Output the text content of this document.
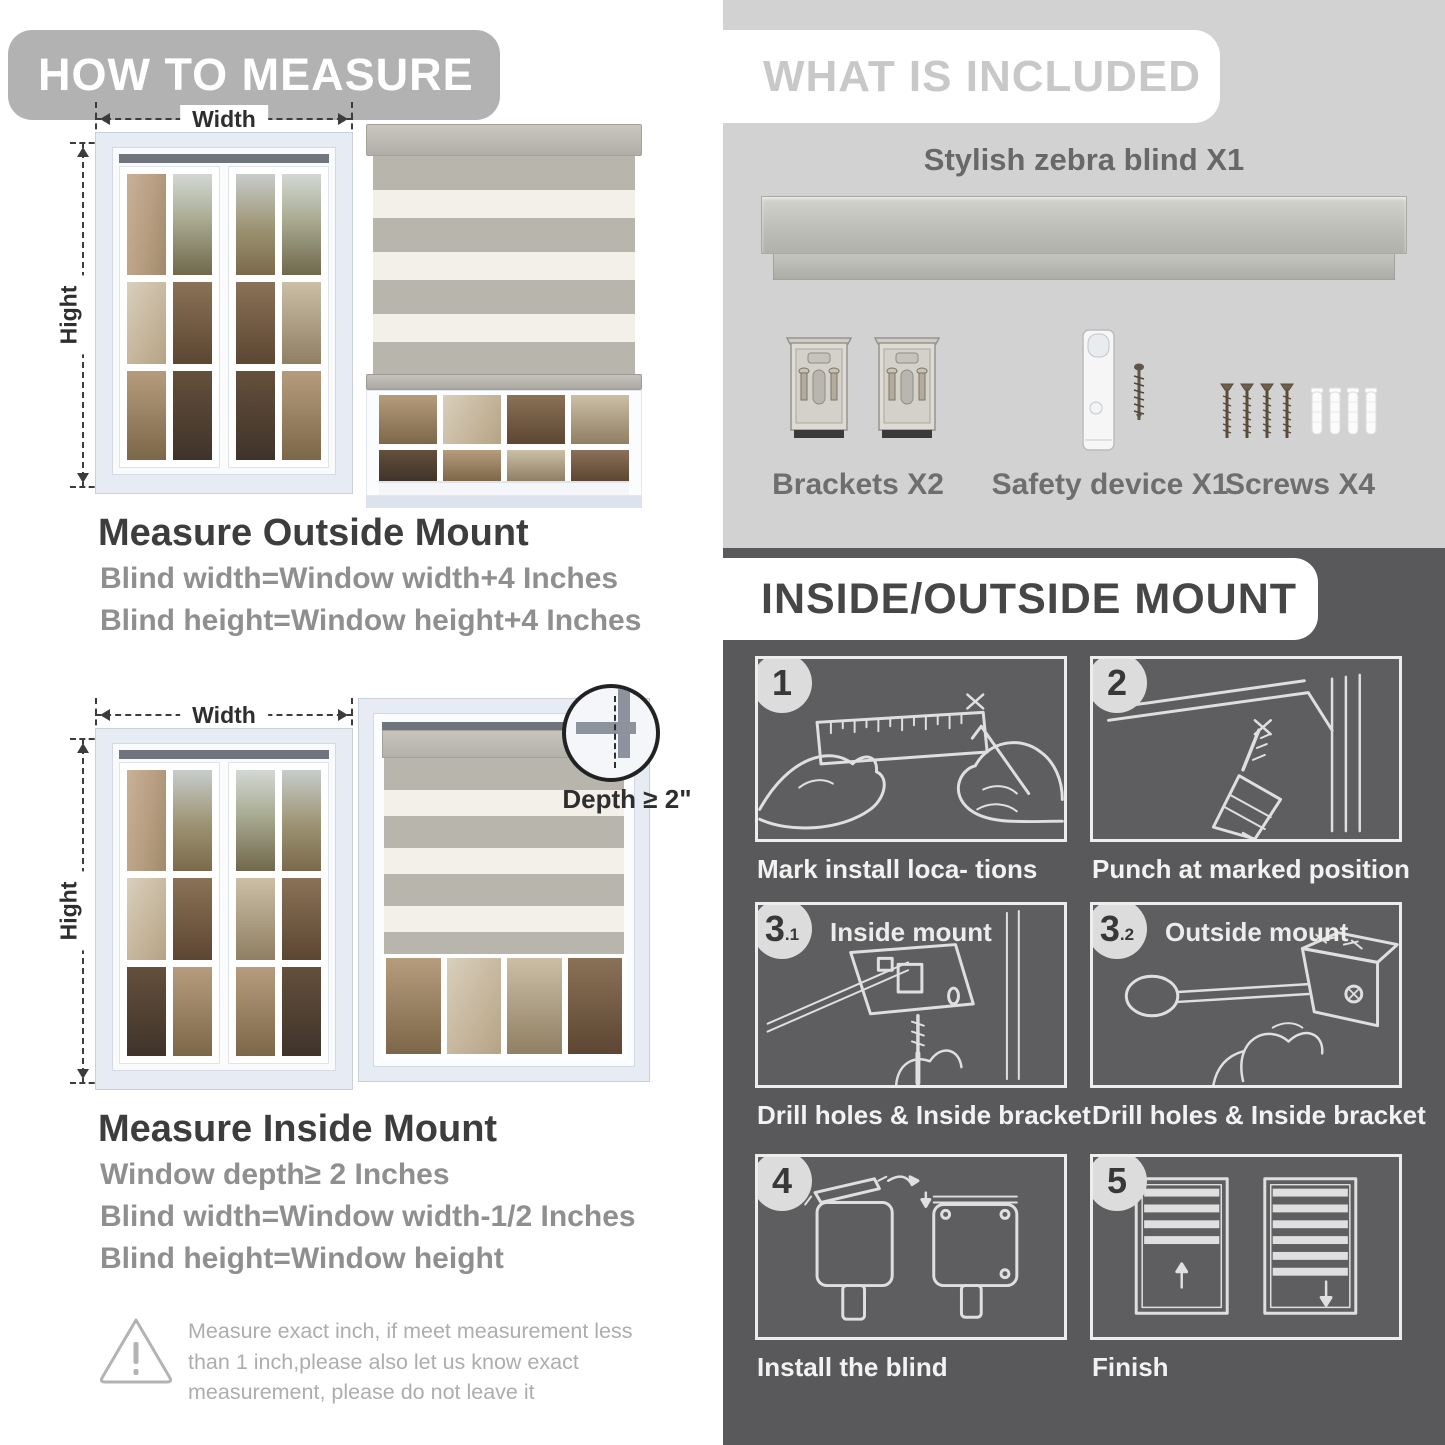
HOW TO MEASURE
Width
Hight
Measure Outside Mount
Blind width=Window width+4 Inches
Blind height=Window height+4 Inches
Width
Hight
Depth ≥ 2"
Measure Inside Mount
Window depth≥ 2 Inches
Blind width=Window width-1/2 Inches
Blind height=Window height
Measure exact inch, if meet measurement less than 1 inch,please also let us know exact measurement, please do not leave it
WHAT IS INCLUDED
Stylish zebra blind X1
Brackets X2 Safety device X1
Screws X4
INSIDE/OUTSIDE MOUNT
1
Mark install loca- tions
2
Punch at marked position
3 .1 Inside mount
Drill holes & Inside bracket
3 .2 Outside mount
Drill holes & Inside bracket
4
Install the blind
5
Finish
